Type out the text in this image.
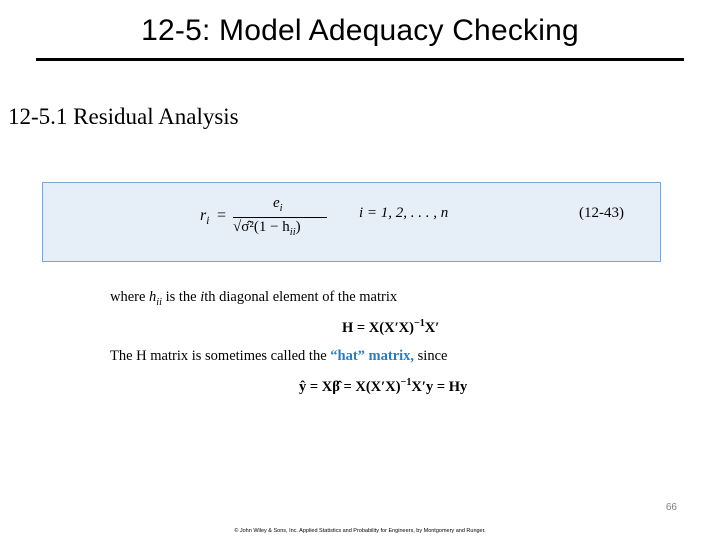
12-5: Model Adequacy Checking
12-5.1 Residual Analysis
$r_i$ =
$e_i$
√σ̂²(1 − $h_{ii}$)
i = 1, 2, . . . , n	(12-43)
where $h_{ii}$ is the ith diagonal element of the matrix
$H = X(X'X)^{-1}X'$
The H matrix is sometimes called the “hat” matrix, since
ŷ = Xβ̂ = $X(X'X)^{-1}X'y = Hy$
66
© John Wiley & Sons, Inc. Applied Statistics and Probability for Engineers, by Montgomery and Runger.
